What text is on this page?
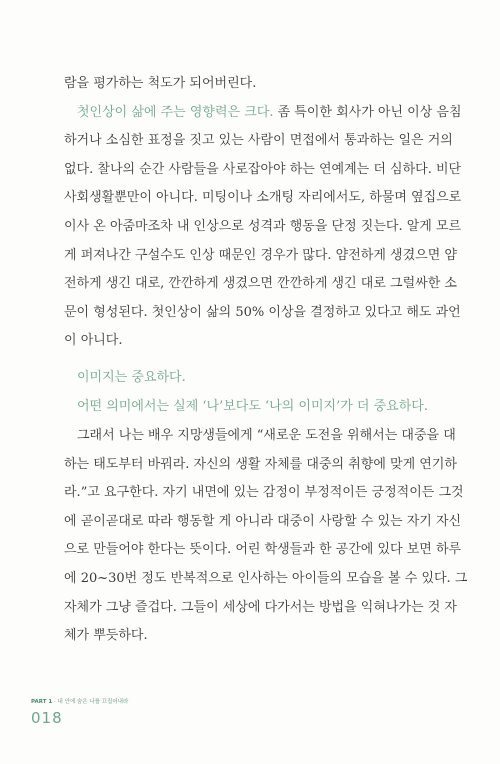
람을 평가하는 척도가 되어버린다.
첫인상이 삶에 주는 영향력은 크다. 좀 특이한 회사가 아닌 이상 음침
하거나 소심한 표정을 짓고 있는 사람이 면접에서 통과하는 일은 거의
없다. 찰나의 순간 사람들을 사로잡아야 하는 연예계는 더 심하다. 비단
사회생활뿐만이 아니다. 미팅이나 소개팅 자리에서도, 하물며 옆집으로
이사 온 아줌마조차 내 인상으로 성격과 행동을 단정 짓는다. 알게 모르
게 퍼져나간 구설수도 인상 때문인 경우가 많다. 얌전하게 생겼으면 얌
전하게 생긴 대로, 깐깐하게 생겼으면 깐깐하게 생긴 대로 그럴싸한 소
문이 형성된다. 첫인상이 삶의 50% 이상을 결정하고 있다고 해도 과언
이 아니다.
이미지는 중요하다.
어떤 의미에서는 실제 ‘나’보다도 ‘나의 이미지’가 더 중요하다.
그래서 나는 배우 지망생들에게 “새로운 도전을 위해서는 대중을 대
하는 태도부터 바꿔라. 자신의 생활 자체를 대중의 취향에 맞게 연기하
라.”고 요구한다. 자기 내면에 있는 감정이 부정적이든 긍정적이든 그것
에 곧이곧대로 따라 행동할 게 아니라 대중이 사랑할 수 있는 자기 자신
으로 만들어야 한다는 뜻이다. 어린 학생들과 한 공간에 있다 보면 하루
에 20~30번 정도 반복적으로 인사하는 아이들의 모습을 볼 수 있다. 그
자체가 그냥 즐겁다. 그들이 세상에 다가서는 방법을 익혀나가는 것 자
체가 뿌듯하다.
PART 1 · 내 안에 숨은 나를 끄집어내라
018
